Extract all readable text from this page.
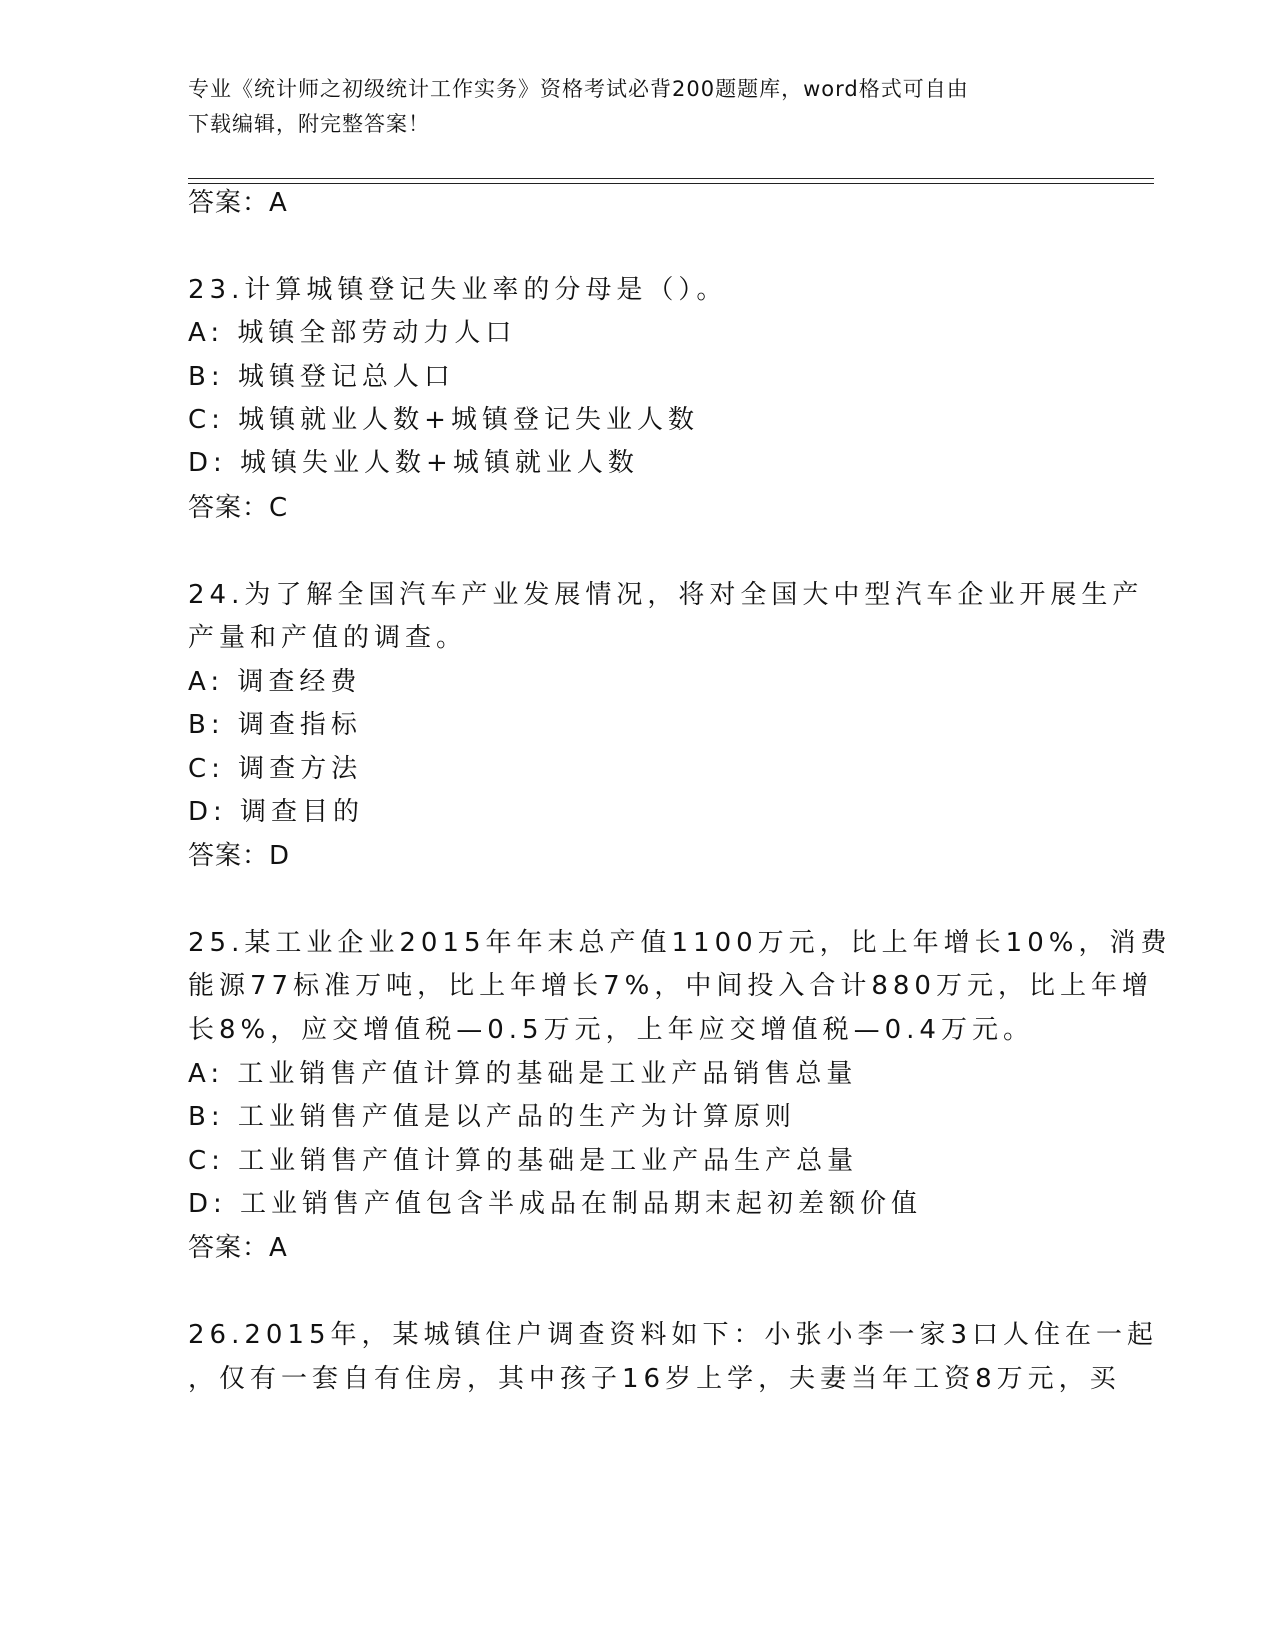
专业《统计师之初级统计工作实务》资格考试必背200题题库，word格式可自由
下载编辑，附完整答案！
答案：A
23.计算城镇登记失业率的分母是（）。
A: 城镇全部劳动力人口
B: 城镇登记总人口
C: 城镇就业人数+城镇登记失业人数
D: 城镇失业人数+城镇就业人数
答案：C
24.为了解全国汽车产业发展情况，将对全国大中型汽车企业开展生产
产量和产值的调查。
A: 调查经费
B: 调查指标
C: 调查方法
D: 调查目的
答案：D
25.某工业企业2015年年末总产值1100万元，比上年增长10%，消费
能源77标准万吨，比上年增长7%，中间投入合计880万元，比上年增
长8%，应交增值税—0.5万元，上年应交增值税—0.4万元。
A: 工业销售产值计算的基础是工业产品销售总量
B: 工业销售产值是以产品的生产为计算原则
C: 工业销售产值计算的基础是工业产品生产总量
D: 工业销售产值包含半成品在制品期末起初差额价值
答案：A
26.2015年，某城镇住户调查资料如下：小张小李一家3口人住在一起
，仅有一套自有住房，其中孩子16岁上学，夫妻当年工资8万元，买
